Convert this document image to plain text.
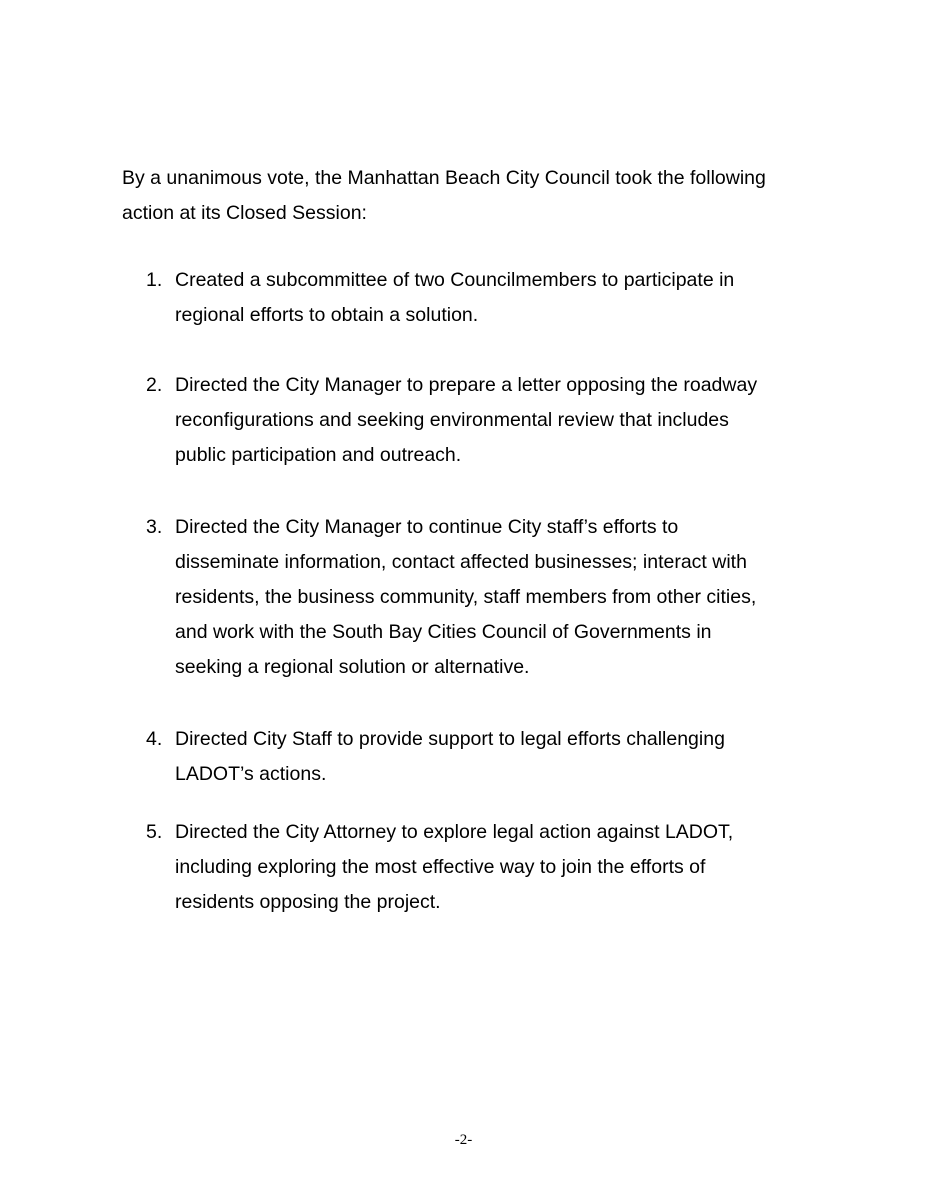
By a unanimous vote, the Manhattan Beach City Council took the following
action at its Closed Session:

1. Created a subcommittee of two Councilmembers to participate in
regional efforts to obtain a solution.
2. Directed the City Manager to prepare a letter opposing the roadway
reconfigurations and seeking environmental review that includes
public participation and outreach.
3. Directed the City Manager to continue City staff’s efforts to
disseminate information, contact affected businesses; interact with
residents, the business community, staff members from other cities,
and work with the South Bay Cities Council of Governments in
seeking a regional solution or alternative.
4. Directed City Staff to provide support to legal efforts challenging
LADOT’s actions.
5. Directed the City Attorney to explore legal action against LADOT,
including exploring the most effective way to join the efforts of
residents opposing the project.
-2-
